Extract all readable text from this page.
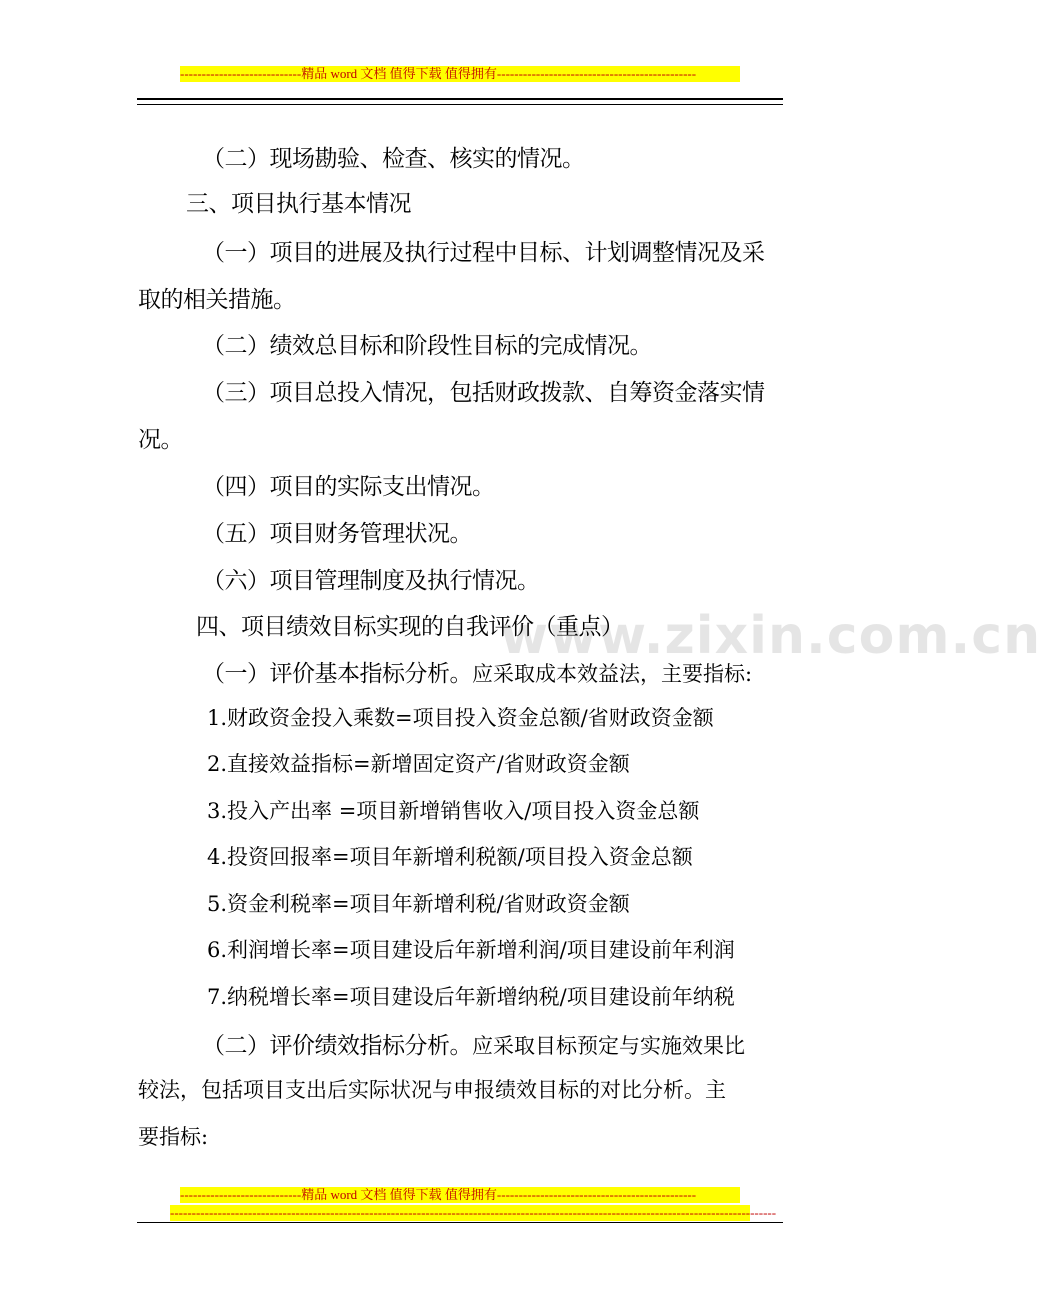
----------------------------精品 word 文档 值得下载 值得拥有----------------------------------------------
www.zixin.com.cn
（二）现场勘验、检查、核实的情况。
三、项目执行基本情况
（一）项目的进展及执行过程中目标、计划调整情况及采
取的相关措施。
（二）绩效总目标和阶段性目标的完成情况。
（三）项目总投入情况，包括财政拨款、自筹资金落实情
况。
（四）项目的实际支出情况。
（五）项目财务管理状况。
（六）项目管理制度及执行情况。
四、项目绩效目标实现的自我评价（重点）
（一）评价基本指标分析。应采取成本效益法，主要指标:
1.财政资金投入乘数=项目投入资金总额/省财政资金额
2.直接效益指标=新增固定资产/省财政资金额
3.投入产出率 =项目新增销售收入/项目投入资金总额
4.投资回报率=项目年新增利税额/项目投入资金总额
5.资金利税率=项目年新增利税/省财政资金额
6.利润增长率=项目建设后年新增利润/项目建设前年利润
7.纳税增长率=项目建设后年新增纳税/项目建设前年纳税
（二）评价绩效指标分析。应采取目标预定与实施效果比
较法，包括项目支出后实际状况与申报绩效目标的对比分析。主
要指标:
----------------------------精品 word 文档 值得下载 值得拥有----------------------------------------------
--------------------------------------------------------------------------------------------------------------------------------------------
